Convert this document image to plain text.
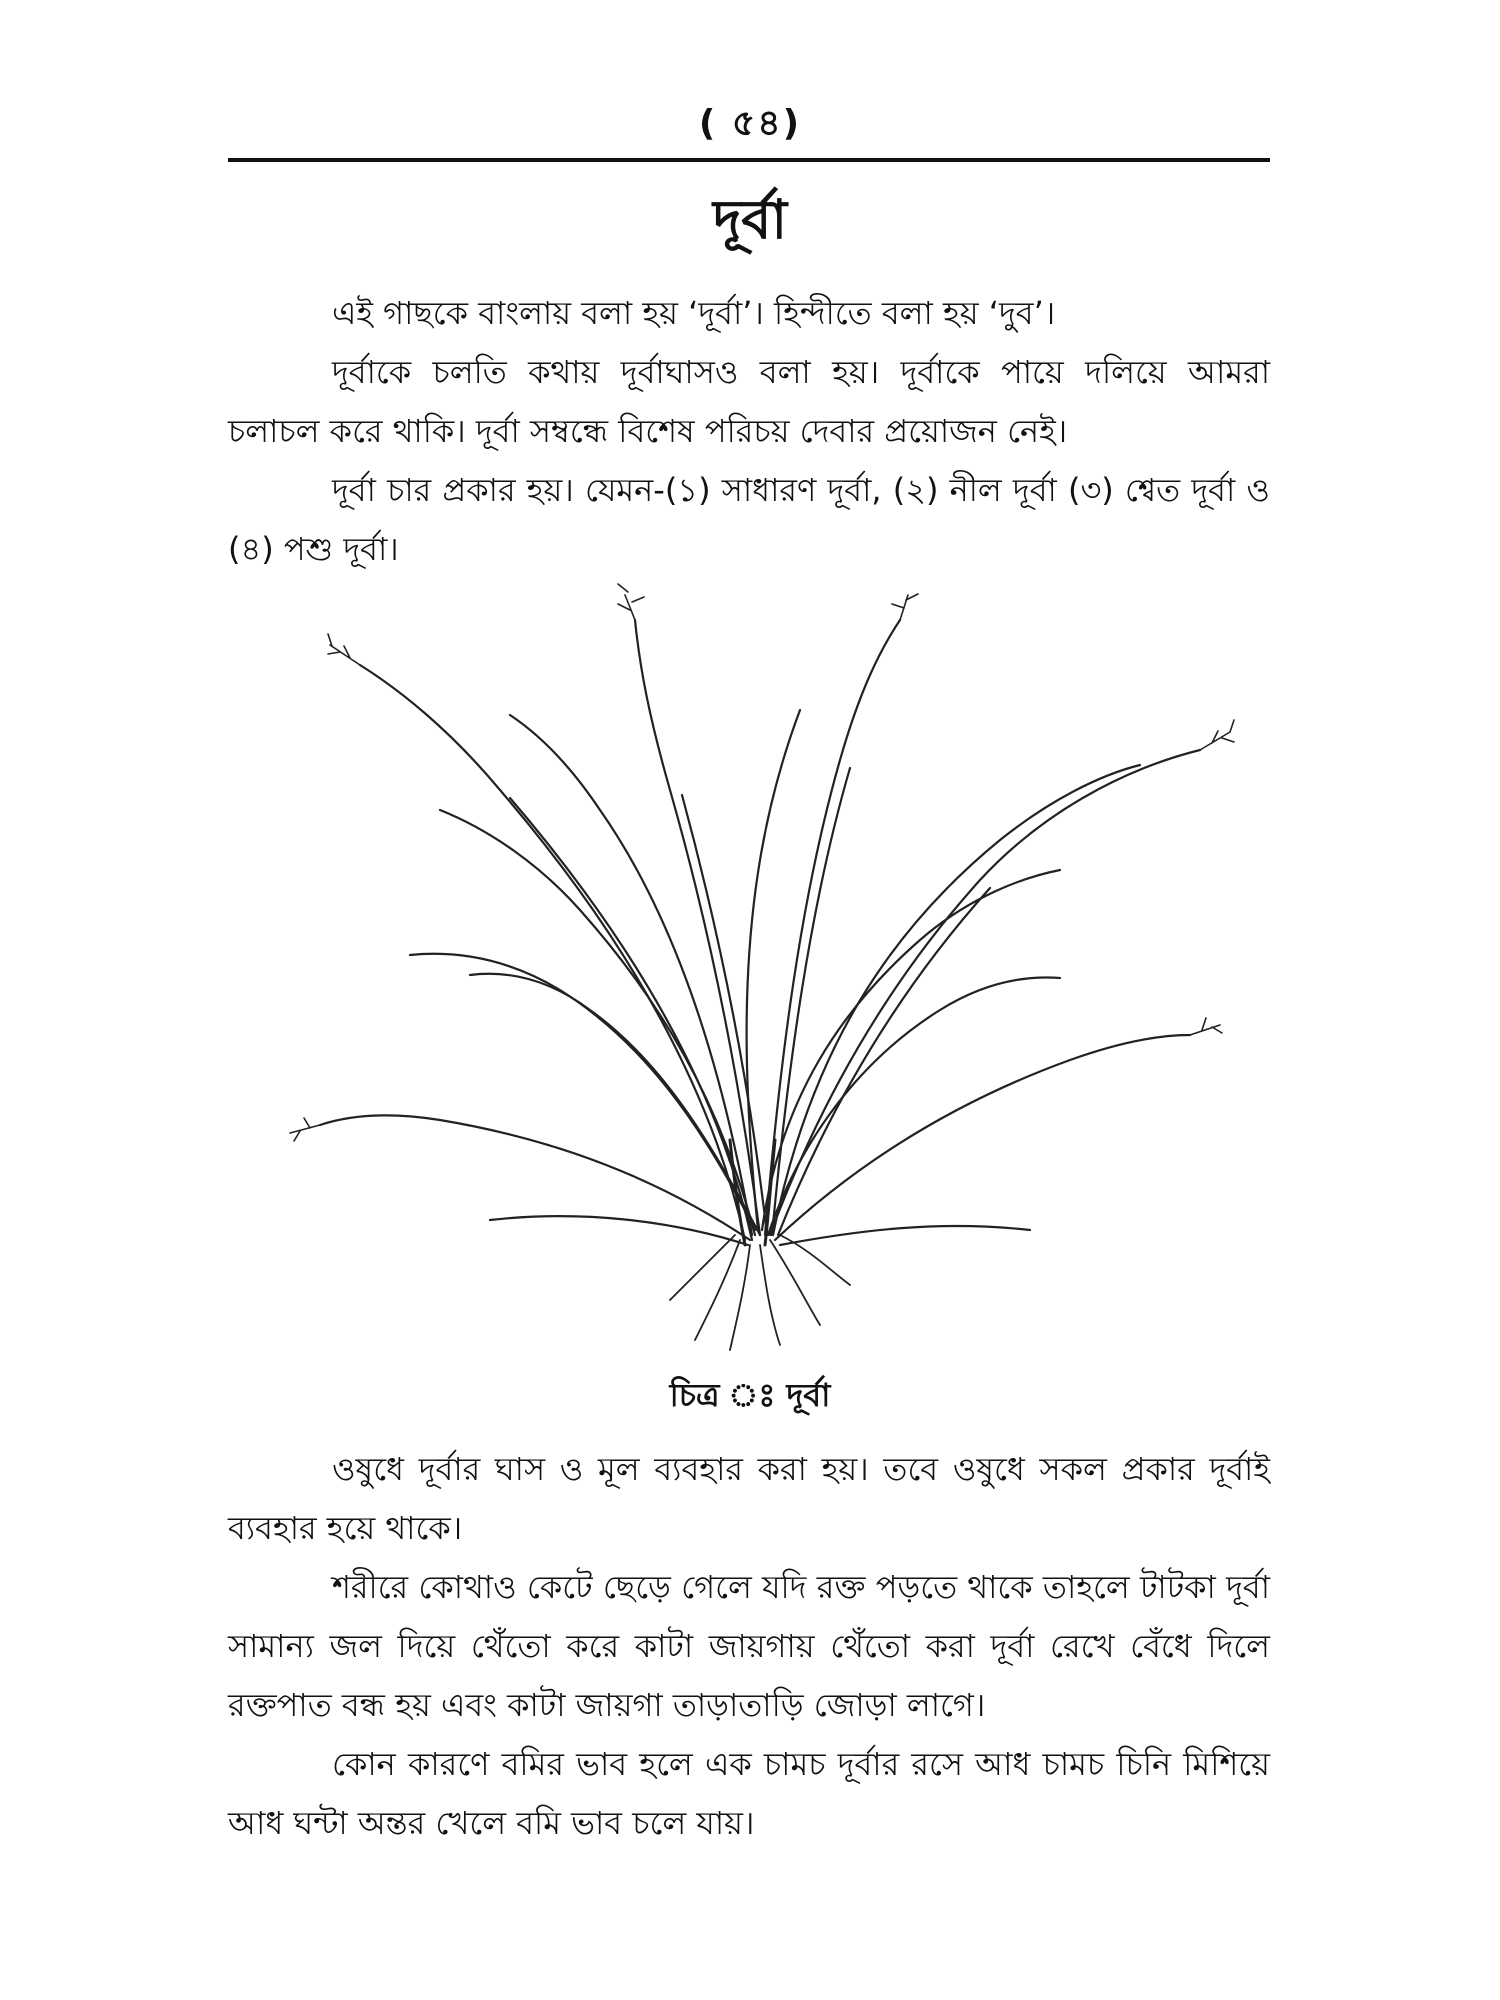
( ৫৪)
দূর্বা

এই গাছকে বাংলায় বলা হয় ‘দূর্বা’। হিন্দীতে বলা হয় ‘দুব’।

দূর্বাকে চলতি কথায় দূর্বাঘাসও বলা হয়। দূর্বাকে পায়ে দলিয়ে আমরা চলাচল করে থাকি। দূর্বা সম্বন্ধে বিশেষ পরিচয় দেবার প্রয়োজন নেই।

দূর্বা চার প্রকার হয়। যেমন-(১) সাধারণ দূর্বা, (২) নীল দূর্বা (৩) শ্বেত দূর্বা ও (৪) পশু দূর্বা।

চিত্র ঃ দূর্বা

ওষুধে দূর্বার ঘাস ও মূল ব্যবহার করা হয়। তবে ওষুধে সকল প্রকার দূর্বাই ব্যবহার হয়ে থাকে।

শরীরে কোথাও কেটে ছেড়ে গেলে যদি রক্ত পড়তে থাকে তাহলে টাটকা দূর্বা সামান্য জল দিয়ে থেঁতো করে কাটা জায়গায় থেঁতো করা দূর্বা রেখে বেঁধে দিলে রক্তপাত বন্ধ হয় এবং কাটা জায়গা তাড়াতাড়ি জোড়া লাগে।

কোন কারণে বমির ভাব হলে এক চামচ দূর্বার রসে আধ চামচ চিনি মিশিয়ে আধ ঘন্টা অন্তর খেলে বমি ভাব চলে যায়।
